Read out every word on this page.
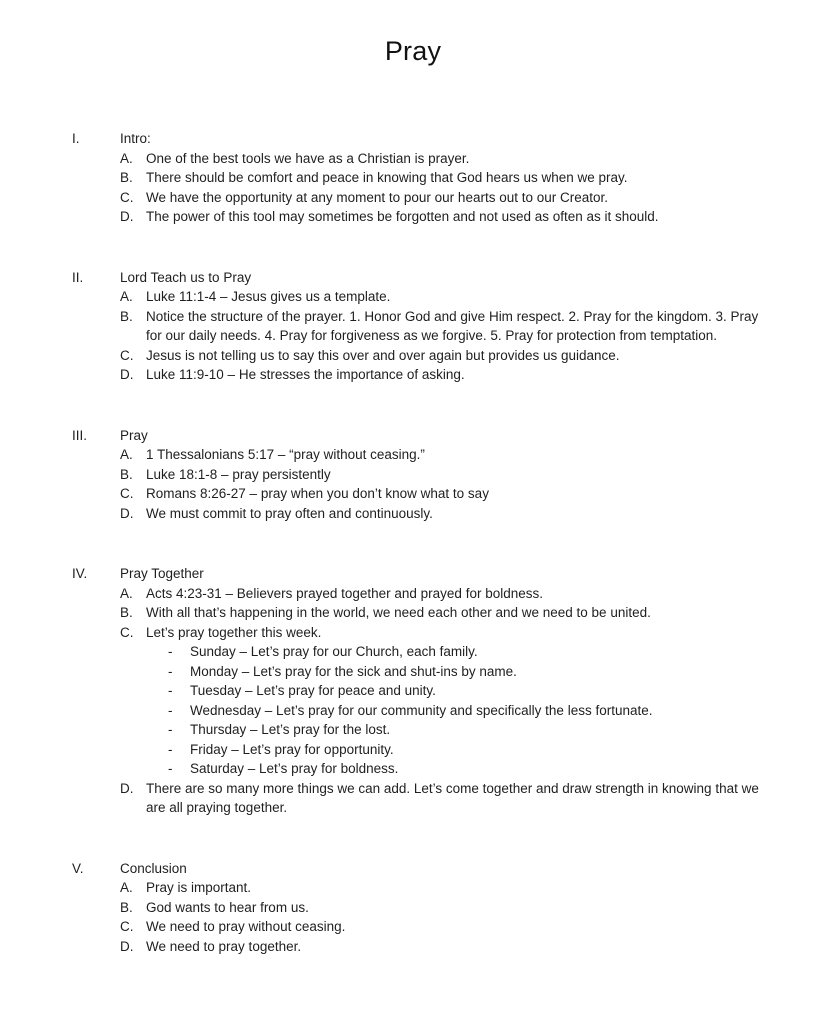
Pray
I.	Intro:
A. One of the best tools we have as a Christian is prayer.
B. There should be comfort and peace in knowing that God hears us when we pray.
C. We have the opportunity at any moment to pour our hearts out to our Creator.
D. The power of this tool may sometimes be forgotten and not used as often as it should.
II.	Lord Teach us to Pray
A. Luke 11:1-4 – Jesus gives us a template.
B. Notice the structure of the prayer. 1. Honor God and give Him respect. 2. Pray for the kingdom. 3. Pray for our daily needs. 4. Pray for forgiveness as we forgive. 5. Pray for protection from temptation.
C. Jesus is not telling us to say this over and over again but provides us guidance.
D. Luke 11:9-10 – He stresses the importance of asking.
III.	Pray
A. 1 Thessalonians 5:17 – “pray without ceasing.”
B. Luke 18:1-8 – pray persistently
C. Romans 8:26-27 – pray when you don’t know what to say
D. We must commit to pray often and continuously.
IV.	Pray Together
A. Acts 4:23-31 – Believers prayed together and prayed for boldness.
B. With all that’s happening in the world, we need each other and we need to be united.
C. Let’s pray together this week.
-	Sunday – Let’s pray for our Church, each family.
-	Monday – Let’s pray for the sick and shut-ins by name.
-	Tuesday – Let’s pray for peace and unity.
-	Wednesday – Let’s pray for our community and specifically the less fortunate.
-	Thursday – Let’s pray for the lost.
-	Friday – Let’s pray for opportunity.
-	Saturday – Let’s pray for boldness.
D. There are so many more things we can add. Let’s come together and draw strength in knowing that we are all praying together.
V.	Conclusion
A. Pray is important.
B. God wants to hear from us.
C. We need to pray without ceasing.
D. We need to pray together.
